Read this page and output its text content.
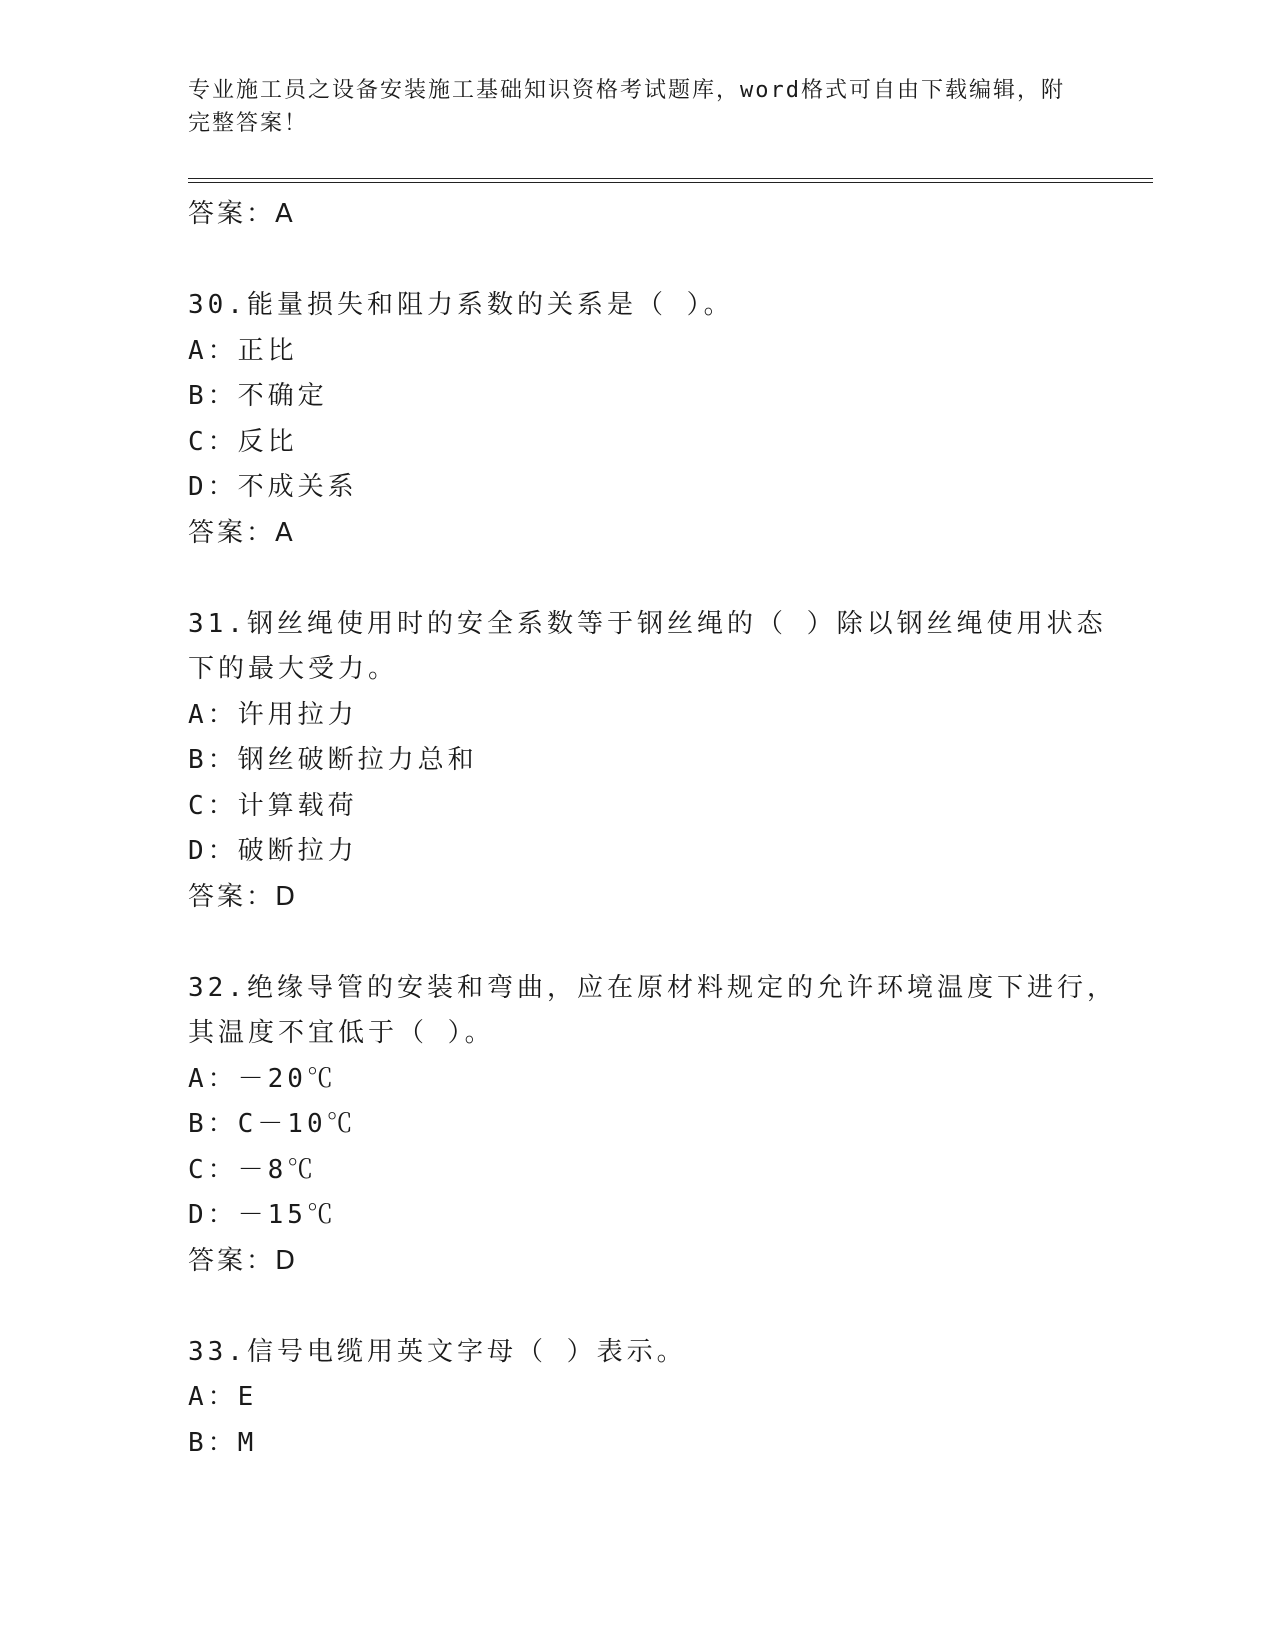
专业施工员之设备安装施工基础知识资格考试题库，word格式可自由下载编辑，附完整答案！
答案：A
30.能量损失和阻力系数的关系是（ ）。
A：正比
B：不确定
C：反比
D：不成关系
答案：A
31.钢丝绳使用时的安全系数等于钢丝绳的（ ）除以钢丝绳使用状态
下的最大受力。
A：许用拉力
B：钢丝破断拉力总和
C：计算载荷
D：破断拉力
答案：D
32.绝缘导管的安装和弯曲，应在原材料规定的允许环境温度下进行，
其温度不宜低于（ ）。
A：－20℃
B：C－10℃
C：－8℃
D：－15℃
答案：D
33.信号电缆用英文字母（ ）表示。
A：E
B：M
